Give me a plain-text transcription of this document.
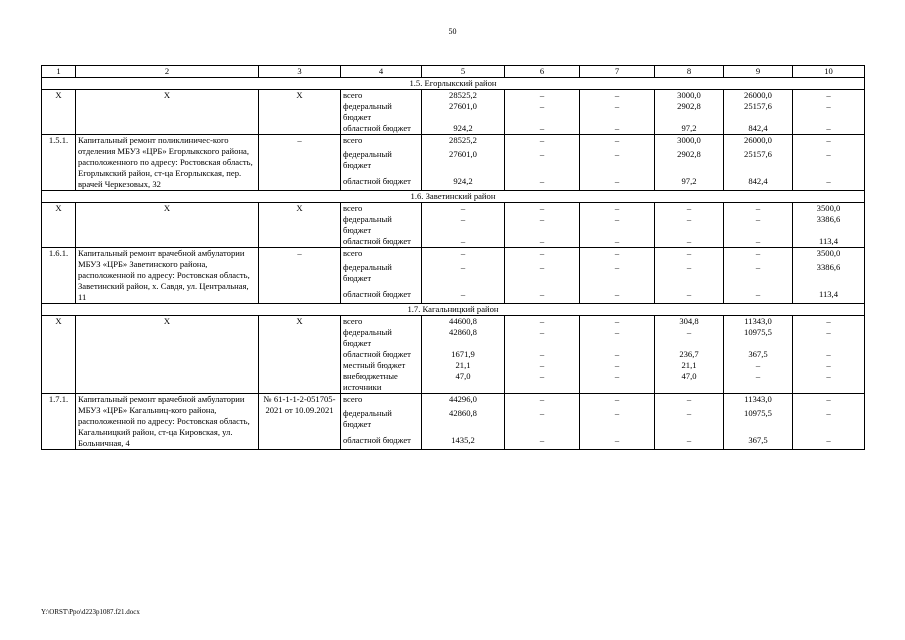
50
1	2	3	4	5	6	7	8	9	10
1.5. Егорлыкский район									
Х	Х	Х	всего	28525,2	–	–	3000,0	26000,0	–
			федеральный бюджет	27601,0	–	–	2902,8	25157,6	–
			областной бюджет	924,2	–	–	97,2	842,4	–
1.5.1.	Капитальный ремонт поликлиничес-кого отделения МБУЗ «ЦРБ» Егорлыкского района, расположенного по адресу: Ростовская область, Егорлыкский район, ст-ца Егорлыкская, пер. врачей Черкезовых, 32	–	всего	28525,2	–	–	3000,0	26000,0	–
			федеральный бюджет	27601,0	–	–	2902,8	25157,6	–
			областной бюджет	924,2	–	–	97,2	842,4	–
1.6. Заветинский район									
Х	Х	Х	всего	–	–	–	–	–	3500,0
			федеральный бюджет	–	–	–	–	–	3386,6
			областной бюджет	–	–	–	–	–	113,4
1.6.1.	Капитальный ремонт врачебной амбулатории МБУЗ «ЦРБ» Заветинского района, расположенной по адресу: Ростовская область, Заветинский район, х. Савдя, ул. Центральная, 11	–	всего	–	–	–	–	–	3500,0
			федеральный бюджет	–	–	–	–	–	3386,6
			областной бюджет	–	–	–	–	–	113,4
1.7. Кагальницкий район									
Х	Х	Х	всего	44600,8	–	–	304,8	11343,0	–
			федеральный бюджет	42860,8	–	–	–	10975,5	–
			областной бюджет	1671,9	–	–	236,7	367,5	–
			местный бюджет	21,1	–	–	21,1	–	–
			внебюджетные источники	47,0	–	–	47,0	–	–
1.7.1.	Капитальный ремонт врачебной амбулатории МБУЗ «ЦРБ» Кагальниц-кого района, расположенной по адресу: Ростовская область, Кагальницкий район, ст-ца Кировская, ул. Больничная, 4	№ 61-1-1-2-051705-2021 от 10.09.2021	всего	44296,0	–	–	–	11343,0	–
			федеральный бюджет	42860,8	–	–	–	10975,5	–
			областной бюджет	1435,2	–	–	–	367,5	–
Y:\ORST\Ppo\d223p1087.f21.docx
